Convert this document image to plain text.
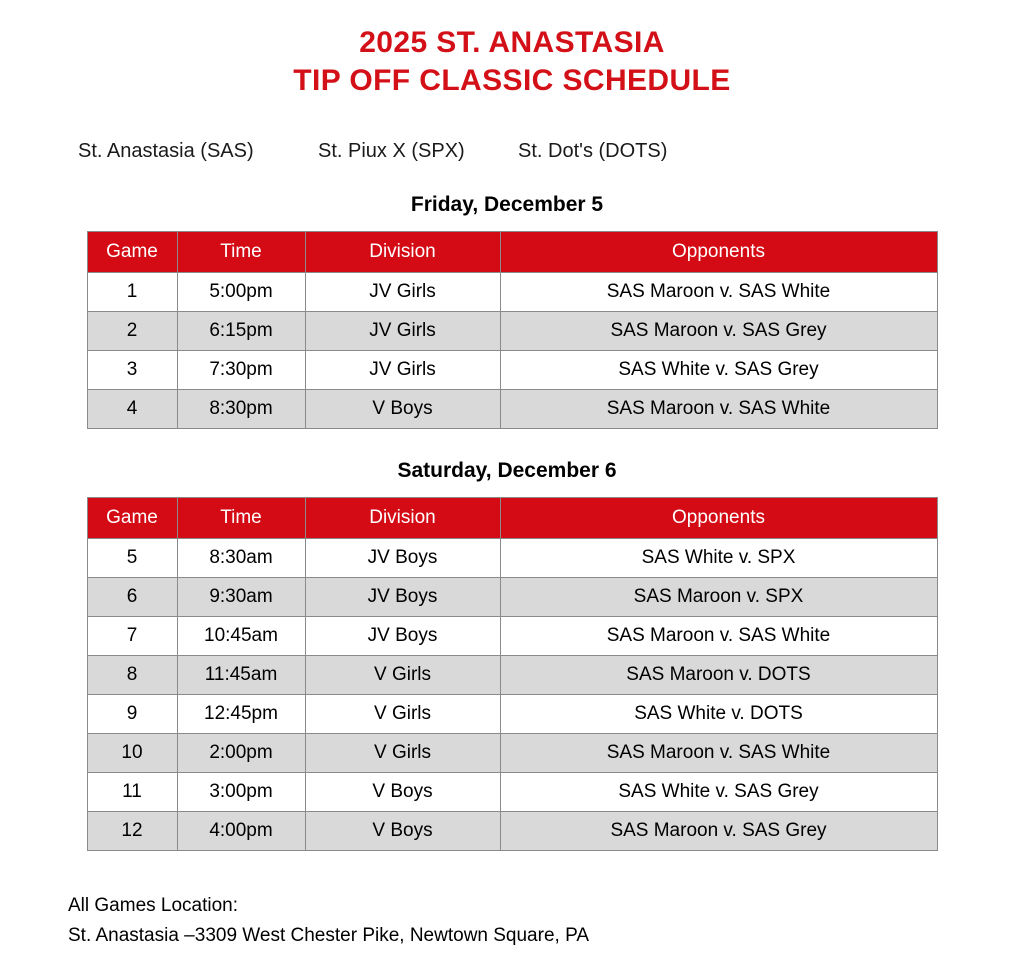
2025 ST. ANASTASIA
TIP OFF CLASSIC SCHEDULE
St. Anastasia (SAS)	St. Piux X (SPX)	St. Dot's (DOTS)
Friday, December 5
Game	Time	Division	Opponents
1	5:00pm	JV Girls	SAS Maroon v. SAS White
2	6:15pm	JV Girls	SAS Maroon v. SAS Grey
3	7:30pm	JV Girls	SAS White v. SAS Grey
4	8:30pm	V Boys	SAS Maroon v. SAS White
Saturday, December 6
Game	Time	Division	Opponents
5	8:30am	JV Boys	SAS White v. SPX
6	9:30am	JV Boys	SAS Maroon v. SPX
7	10:45am	JV Boys	SAS Maroon v. SAS White
8	11:45am	V Girls	SAS Maroon v. DOTS
9	12:45pm	V Girls	SAS White v. DOTS
10	2:00pm	V Girls	SAS Maroon v. SAS White
11	3:00pm	V Boys	SAS White v. SAS Grey
12	4:00pm	V Boys	SAS Maroon v. SAS Grey
All Games Location:
St. Anastasia –3309 West Chester Pike, Newtown Square, PA
